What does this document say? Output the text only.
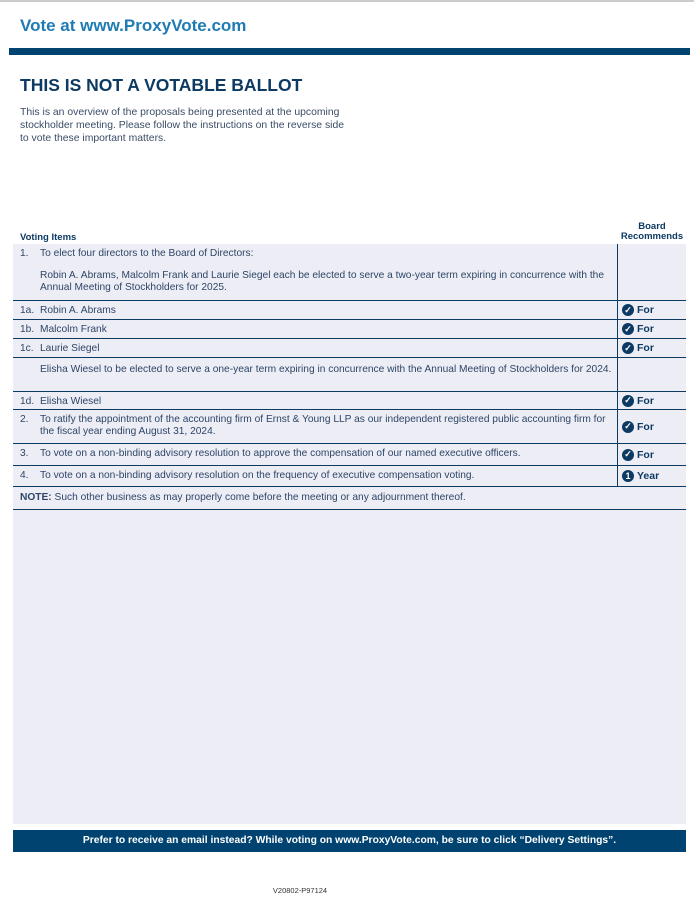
Vote at www.ProxyVote.com
THIS IS NOT A VOTABLE BALLOT
This is an overview of the proposals being presented at the upcoming stockholder meeting. Please follow the instructions on the reverse side to vote these important matters.
Voting Items
Board
Recommends
1. To elect four directors to the Board of Directors:
Robin A. Abrams, Malcolm Frank and Laurie Siegel each be elected to serve a two-year term expiring in concurrence with the Annual Meeting of Stockholders for 2025.
1a. Robin A. Abrams	✓ For
1b. Malcolm Frank	✓ For
1c. Laurie Siegel	✓ For
Elisha Wiesel to be elected to serve a one-year term expiring in concurrence with the Annual Meeting of Stockholders for 2024.
1d. Elisha Wiesel	✓ For
2. To ratify the appointment of the accounting firm of Ernst & Young LLP as our independent registered public accounting firm for the fiscal year ending August 31, 2024.	✓ For
3. To vote on a non-binding advisory resolution to approve the compensation of our named executive officers.	✓ For
4. To vote on a non-binding advisory resolution on the frequency of executive compensation voting.	1 Year
NOTE: Such other business as may properly come before the meeting or any adjournment thereof.
Prefer to receive an email instead? While voting on www.ProxyVote.com, be sure to click “Delivery Settings”.
V20802-P97124
